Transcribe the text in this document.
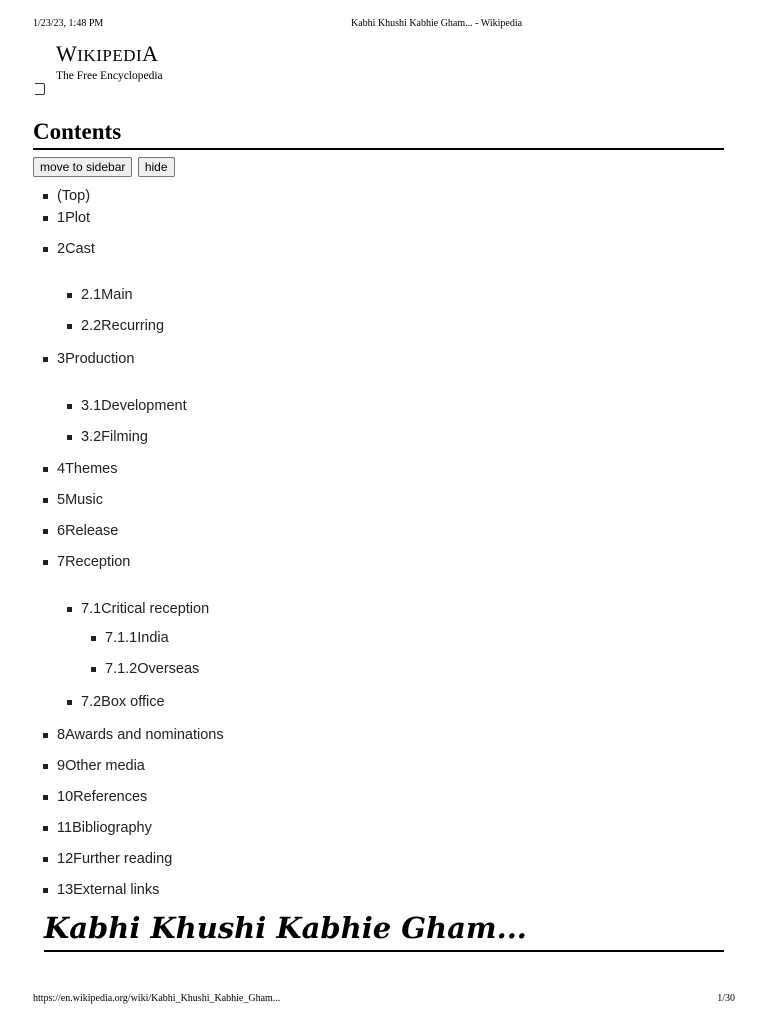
1/23/23, 1:48 PM	Kabhi Khushi Kabhie Gham... - Wikipedia
WIKIPEDIA
The Free Encyclopedia
Contents
move to sidebar hide
(Top)
1Plot
2Cast
2.1Main
2.2Recurring
3Production
3.1Development
3.2Filming
4Themes
5Music
6Release
7Reception
7.1Critical reception
7.1.1India
7.1.2Overseas
7.2Box office
8Awards and nominations
9Other media
10References
11Bibliography
12Further reading
13External links
Kabhi Khushi Kabhie Gham...
https://en.wikipedia.org/wiki/Kabhi_Khushi_Kabhie_Gham...	1/30
